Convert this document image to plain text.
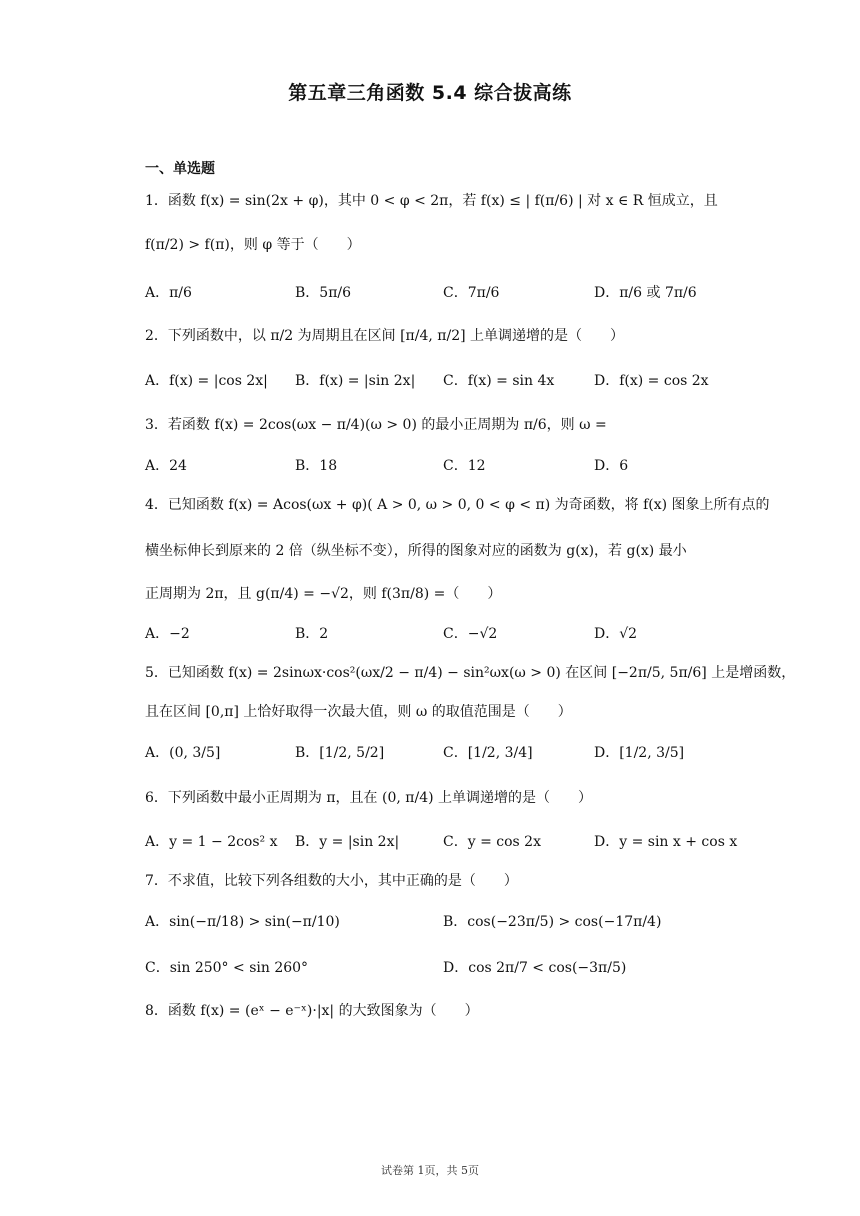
第五章三角函数 5.4 综合拔高练
一、单选题
1．函数 f(x) = sin(2x + φ)，其中 0 < φ < 2π，若 f(x) ≤ | f(π/6) | 对 x ∈ R 恒成立，且
f(π/2) > f(π)，则 φ 等于（　　）
A．π/6	B．5π/6	C．7π/6	D．π/6 或 7π/6
2．下列函数中，以 π/2 为周期且在区间 [π/4, π/2] 上单调递增的是（　　）
A．f(x) = |cos 2x| B．f(x) = |sin 2x| C．f(x) = sin 4x	D．f(x) = cos 2x
3．若函数 f(x) = 2cos(ωx − π/4)(ω > 0) 的最小正周期为 π/6，则 ω =
A．24	B．18	C．12	D．6
4．已知函数 f(x) = Acos(ωx + φ)( A > 0, ω > 0, 0 < φ < π) 为奇函数，将 f(x) 图象上所有点的
横坐标伸长到原来的 2 倍（纵坐标不变），所得的图象对应的函数为 g(x)，若 g(x) 最小
正周期为 2π，且 g(π/4) = −√2，则 f(3π/8) =（　　）
A．−2	B．2	C．−√2	D．√2
5．已知函数 f(x) = 2sinωx·cos²(ωx/2 − π/4) − sin²ωx(ω > 0) 在区间 [−2π/5, 5π/6] 上是增函数，
且在区间 [0,π] 上恰好取得一次最大值，则 ω 的取值范围是（　　）
A．(0, 3/5]	B．[1/2, 5/2]	C．[1/2, 3/4]	D．[1/2, 3/5]
6．下列函数中最小正周期为 π，且在 (0, π/4) 上单调递增的是（　　）
A．y = 1 − 2cos² x B．y = |sin 2x|	C．y = cos 2x	D．y = sin x + cos x
7．不求值，比较下列各组数的大小，其中正确的是（　　）
A．sin(−π/18) > sin(−π/10)	B．cos(−23π/5) > cos(−17π/4)
C．sin 250° < sin 260°	D．cos 2π/7 < cos(−3π/5)
8．函数 f(x) = (eˣ − e⁻ˣ)·|x| 的大致图象为（　　）
试卷第 1页，共 5页
